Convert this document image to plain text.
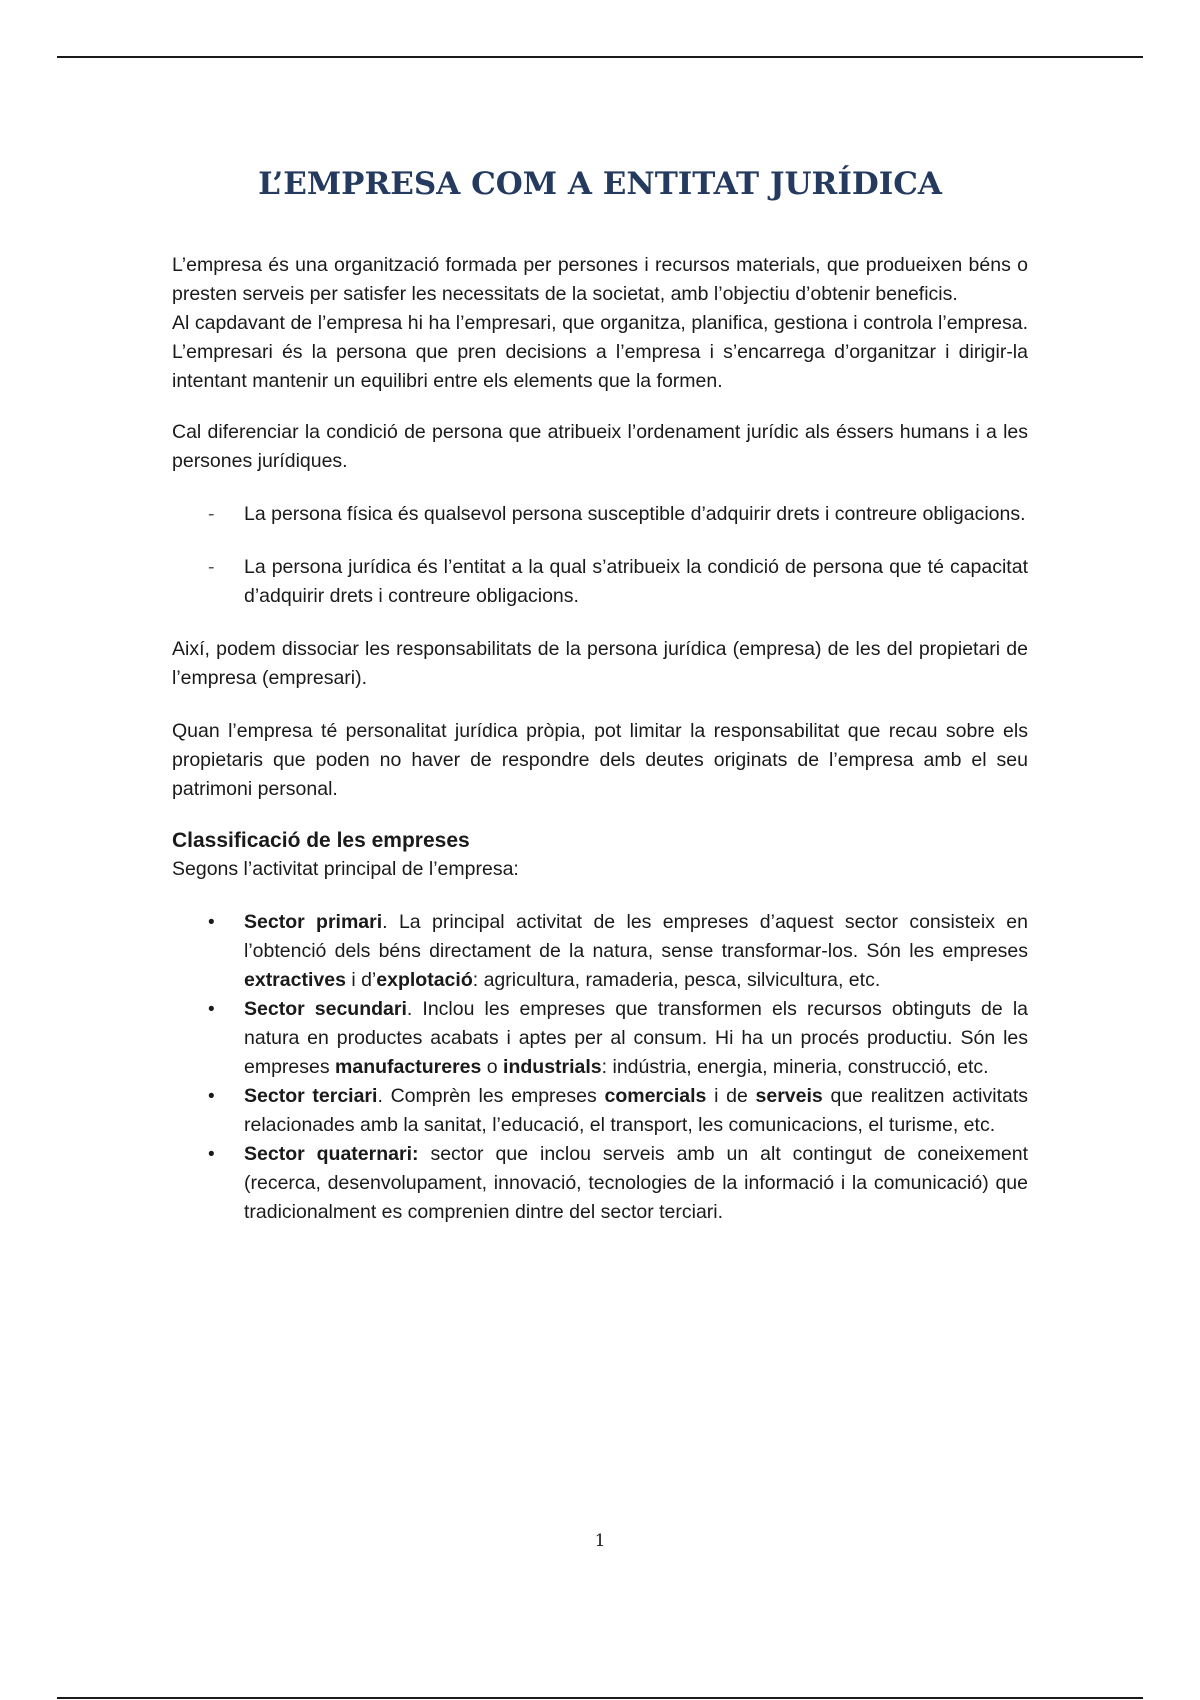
L’EMPRESA COM A ENTITAT JURÍDICA

L’empresa és una organització formada per persones i recursos materials, que produeixen béns o presten serveis per satisfer les necessitats de la societat, amb l’objectiu d’obtenir beneficis.

Al capdavant de l’empresa hi ha l’empresari, que organitza, planifica, gestiona i controla l’empresa. L’empresari és la persona que pren decisions a l’empresa i s’encarrega d’organitzar i dirigir-la intentant mantenir un equilibri entre els elements que la formen.

Cal diferenciar la condició de persona que atribueix l’ordenament jurídic als éssers humans i a les persones jurídiques.

- La persona física és qualsevol persona susceptible d’adquirir drets i contreure obligacions.
- La persona jurídica és l’entitat a la qual s’atribueix la condició de persona que té capacitat d’adquirir drets i contreure obligacions.

Així, podem dissociar les responsabilitats de la persona jurídica (empresa) de les del propietari de l’empresa (empresari).

Quan l’empresa té personalitat jurídica pròpia, pot limitar la responsabilitat que recau sobre els propietaris que poden no haver de respondre dels deutes originats de l’empresa amb el seu patrimoni personal.

Classificació de les empreses

Segons l’activitat principal de l’empresa:

• Sector primari. La principal activitat de les empreses d’aquest sector consisteix en l’obtenció dels béns directament de la natura, sense transformar-los. Són les empreses extractives i d’explotació: agricultura, ramaderia, pesca, silvicultura, etc.
• Sector secundari. Inclou les empreses que transformen els recursos obtinguts de la natura en productes acabats i aptes per al consum. Hi ha un procés productiu. Són les empreses manufactureres o industrials: indústria, energia, mineria, construcció, etc.
• Sector terciari. Comprèn les empreses comercials i de serveis que realitzen activitats relacionades amb la sanitat, l’educació, el transport, les comunicacions, el turisme, etc.
• Sector quaternari: sector que inclou serveis amb un alt contingut de coneixement (recerca, desenvolupament, innovació, tecnologies de la informació i la comunicació) que tradicionalment es comprenien dintre del sector terciari.
1
